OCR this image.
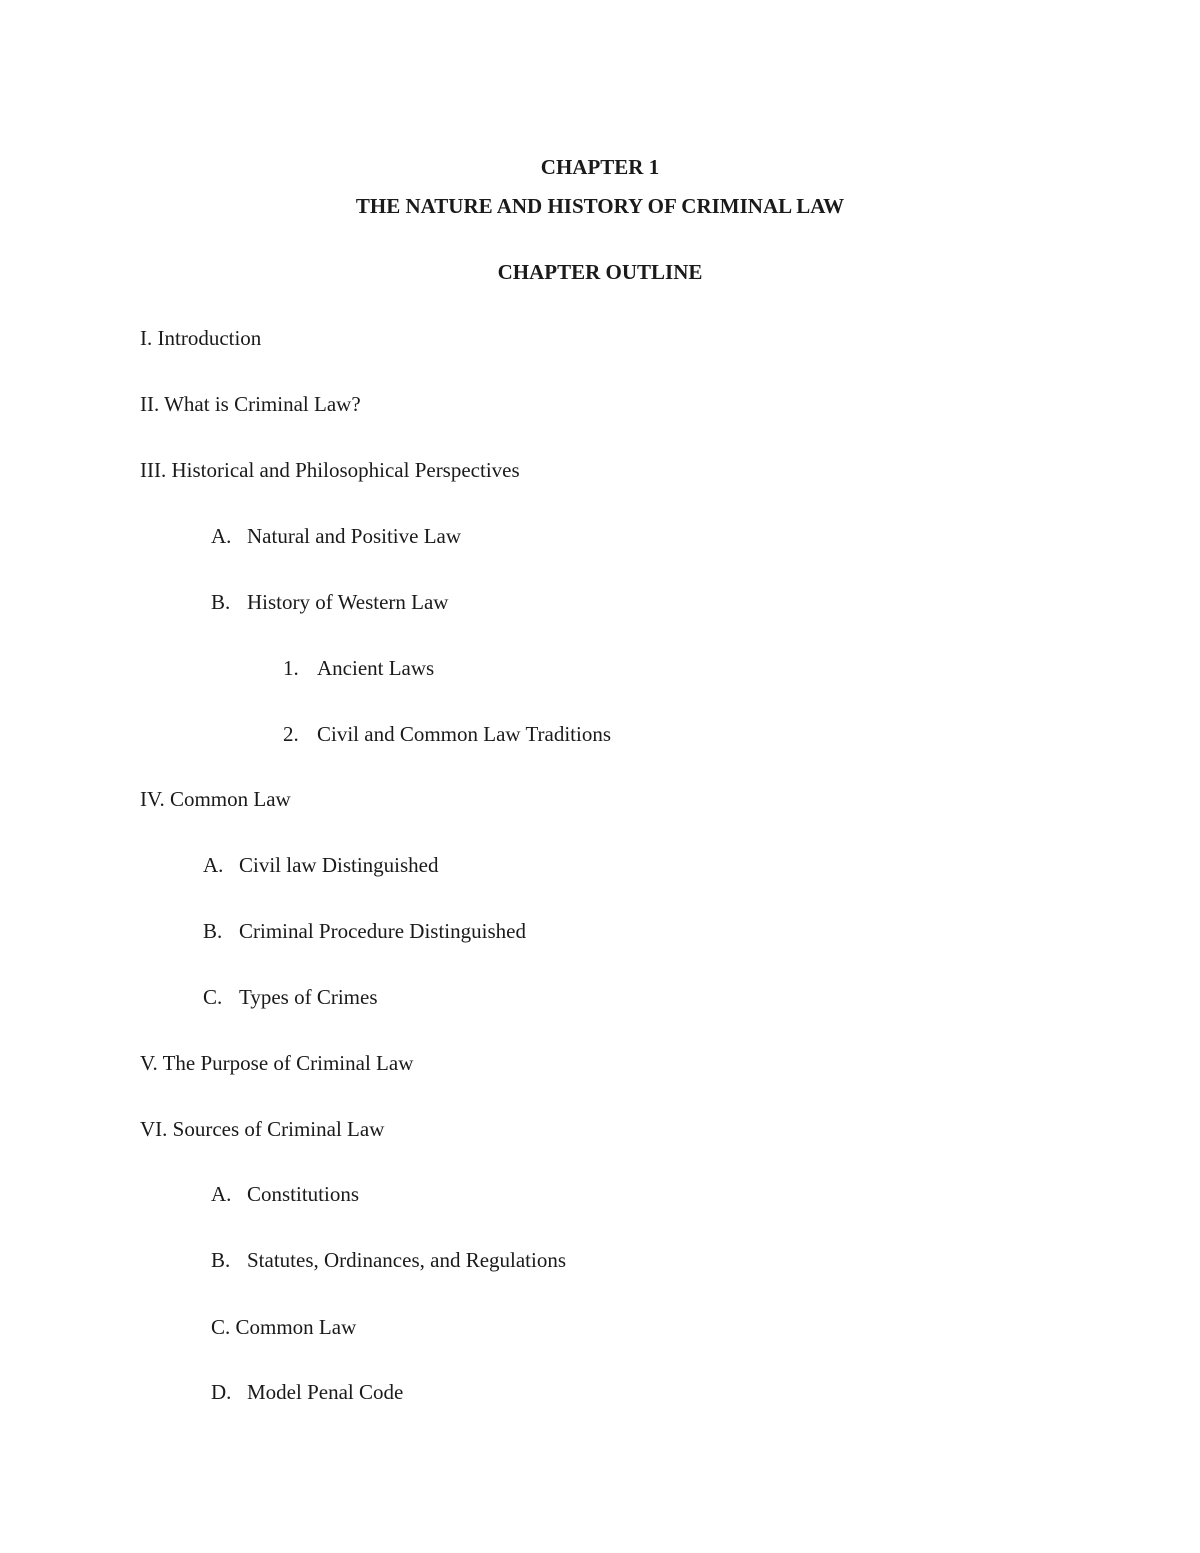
CHAPTER 1

THE NATURE AND HISTORY OF CRIMINAL LAW

CHAPTER OUTLINE

I. Introduction
II. What is Criminal Law?
III. Historical and Philosophical Perspectives
A. Natural and Positive Law
B. History of Western Law
1. Ancient Laws
2. Civil and Common Law Traditions
IV. Common Law
A. Civil law Distinguished
B. Criminal Procedure Distinguished
C. Types of Crimes
V. The Purpose of Criminal Law
VI. Sources of Criminal Law
A. Constitutions
B. Statutes, Ordinances, and Regulations
C. Common Law
D. Model Penal Code
